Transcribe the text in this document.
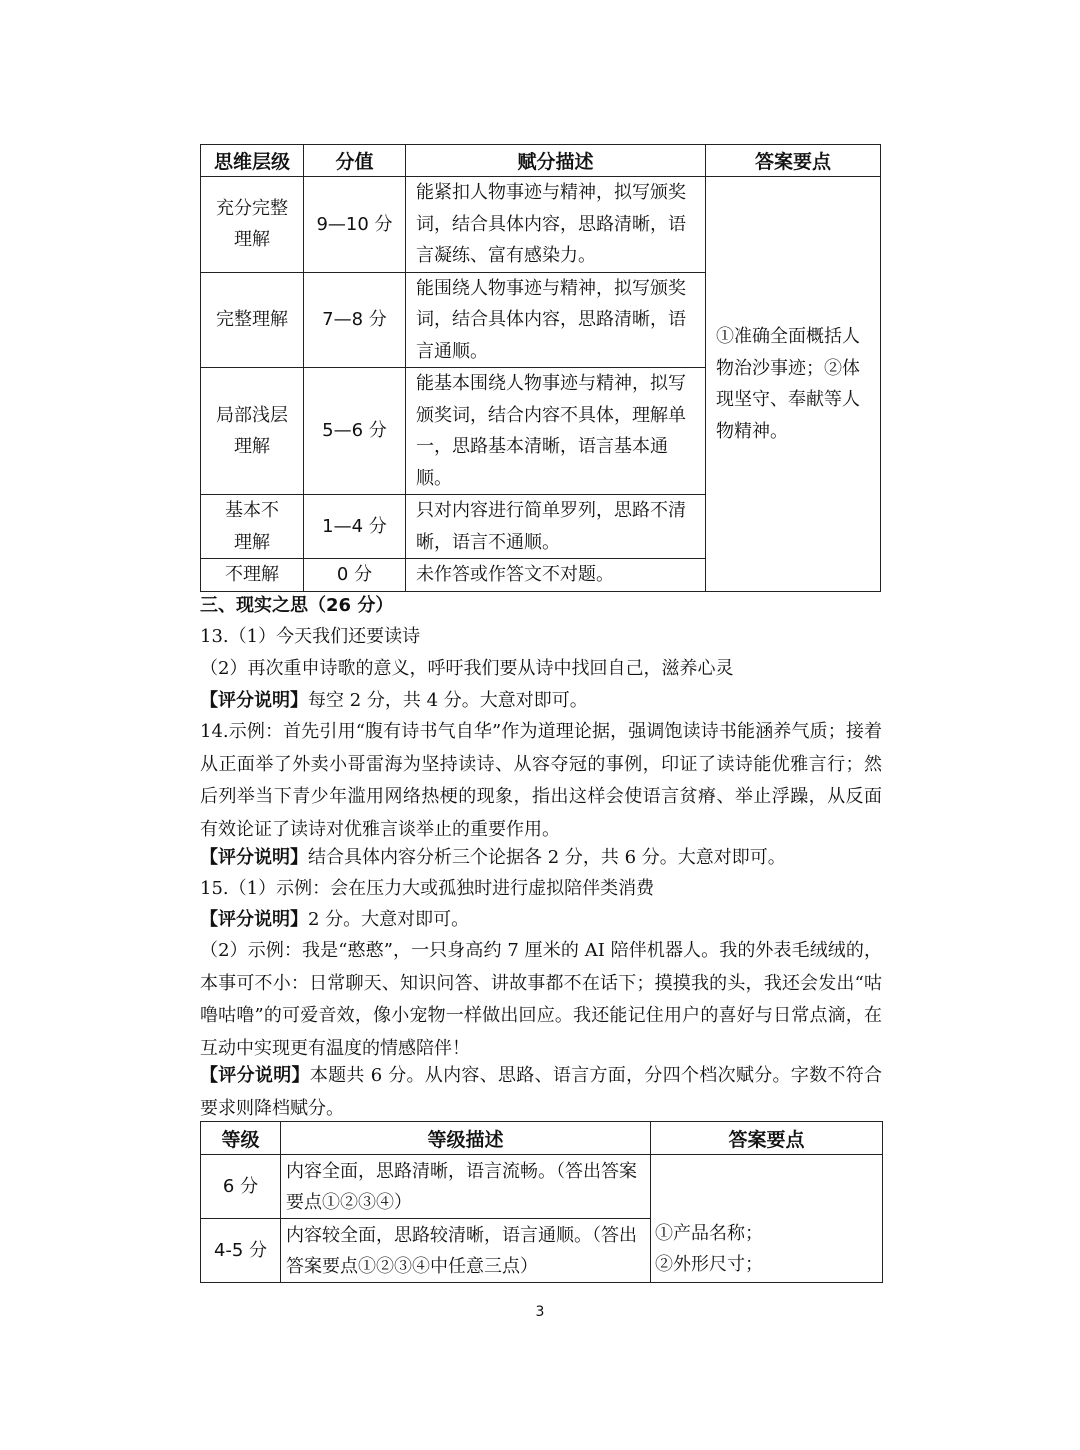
思维层级	分值	赋分描述	答案要点

充分完整理解	9—10 分	能紧扣人物事迹与精神，拟写颁奖词，结合具体内容，思路清晰，语言凝练、富有感染力。	①准确全面概括人物治沙事迹；②体现坚守、奉献等人物精神。
完整理解	7—8 分	能围绕人物事迹与精神，拟写颁奖词，结合具体内容，思路清晰，语言通顺。	

局部浅层理解	5—6 分	能基本围绕人物事迹与精神，拟写颁奖词，结合内容不具体，理解单一，思路基本清晰，语言基本通顺。	

基本不理解	1—4 分	只对内容进行简单罗列，思路不清晰，语言不通顺。	
不理解	0 分	未作答或作答文不对题。	
三、现实之思（26 分）
13.（1）今天我们还要读诗
（2）再次重申诗歌的意义，呼吁我们要从诗中找回自己，滋养心灵
【评分说明】每空 2 分，共 4 分。大意对即可。
14.示例：首先引用“腹有诗书气自华”作为道理论据，强调饱读诗书能涵养气质；接着从正面举了外卖小哥雷海为坚持读诗、从容夺冠的事例，印证了读诗能优雅言行；然后列举当下青少年滥用网络热梗的现象，指出这样会使语言贫瘠、举止浮躁，从反面有效论证了读诗对优雅言谈举止的重要作用。
【评分说明】结合具体内容分析三个论据各 2 分，共 6 分。大意对即可。
15.（1）示例：会在压力大或孤独时进行虚拟陪伴类消费
【评分说明】2 分。大意对即可。
（2）示例：我是“憨憨”，一只身高约 7 厘米的 AI 陪伴机器人。我的外表毛绒绒的，本事可不小：日常聊天、知识问答、讲故事都不在话下；摸摸我的头，我还会发出“咕噜咕噜”的可爱音效，像小宠物一样做出回应。我还能记住用户的喜好与日常点滴，在互动中实现更有温度的情感陪伴！
【评分说明】本题共 6 分。从内容、思路、语言方面，分四个档次赋分。字数不符合要求则降档赋分。
等级	等级描述	答案要点
6 分	内容全面，思路清晰，语言流畅。（答出答案要点①②③④）	①产品名称；②外形尺寸；

4-5 分	内容较全面，思路较清晰，语言通顺。（答出答案要点①②③④中任意三点）	
3
